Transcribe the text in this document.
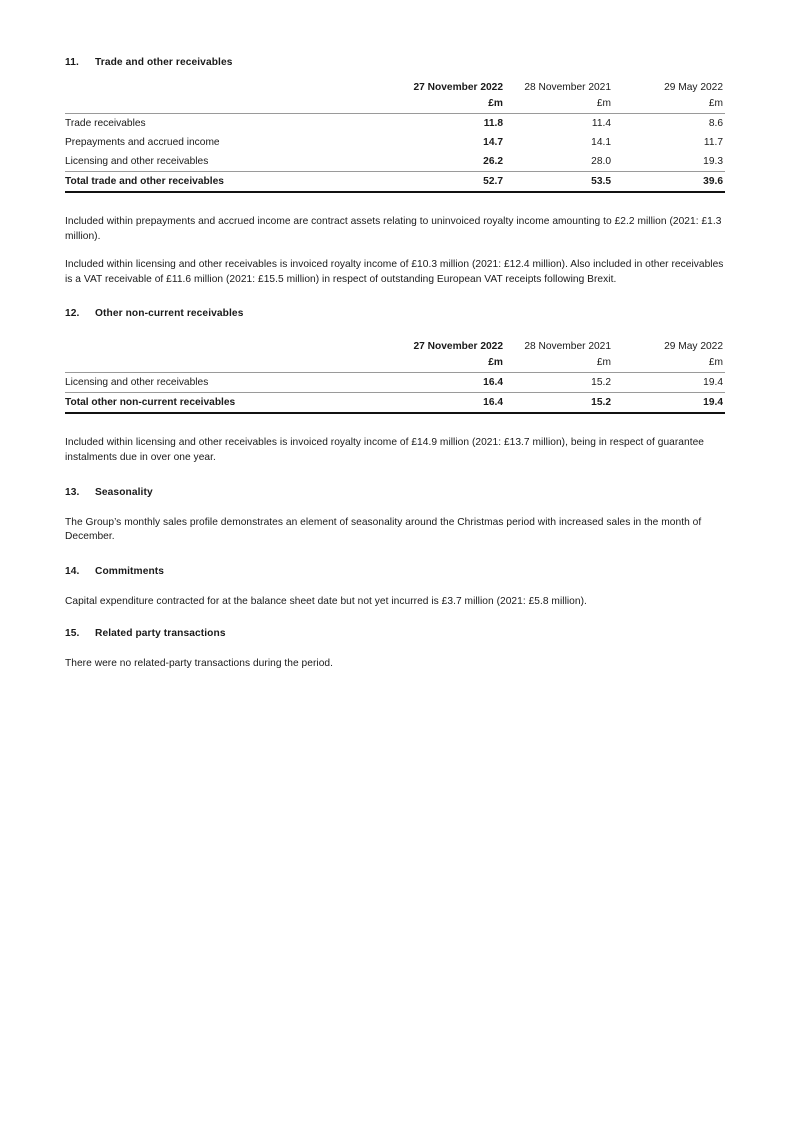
11.	Trade and other receivables
	27 November 2022	28 November 2021	29 May 2022
	£m	£m	£m
Trade receivables	11.8	11.4	8.6
Prepayments and accrued income	14.7	14.1	11.7
Licensing and other receivables	26.2	28.0	19.3
Total trade and other receivables	52.7	53.5	39.6

Included within prepayments and accrued income are contract assets relating to uninvoiced royalty income amounting to £2.2 million (2021: £1.3 million).

Included within licensing and other receivables is invoiced royalty income of £10.3 million (2021: £12.4 million). Also included in other receivables is a VAT receivable of £11.6 million (2021: £15.5 million) in respect of outstanding European VAT receipts following Brexit.

12.	Other non-current receivables
	27 November 2022	28 November 2021	29 May 2022
	£m	£m	£m
Licensing and other receivables	16.4	15.2	19.4
Total other non-current receivables	16.4	15.2	19.4

Included within licensing and other receivables is invoiced royalty income of £14.9 million (2021: £13.7 million), being in respect of guarantee instalments due in over one year.

13.	Seasonality

The Group’s monthly sales profile demonstrates an element of seasonality around the Christmas period with increased sales in the month of December.

14.	Commitments

Capital expenditure contracted for at the balance sheet date but not yet incurred is £3.7 million (2021: £5.8 million).

15.	Related party transactions

There were no related-party transactions during the period.
